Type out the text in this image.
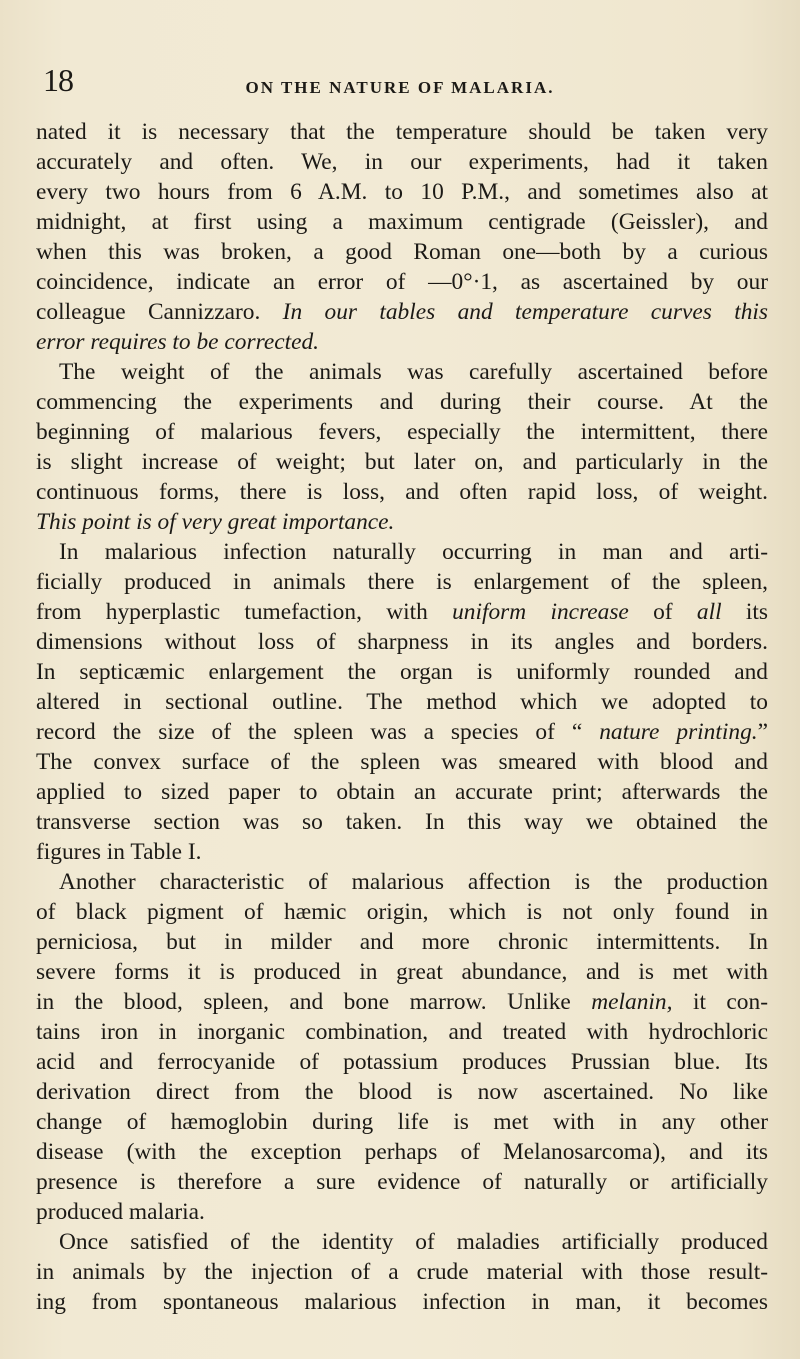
18	ON THE NATURE OF MALARIA.
nated it is necessary that the temperature should be taken very
accurately and often. We, in our experiments, had it taken
every two hours from 6 A.M. to 10 P.M., and sometimes also at
midnight, at first using a maximum centigrade (Geissler), and
when this was broken, a good Roman one—both by a curious
coincidence, indicate an error of —0°·1, as ascertained by our
colleague Cannizzaro. In our tables and temperature curves this
error requires to be corrected.
The weight of the animals was carefully ascertained before
commencing the experiments and during their course. At the
beginning of malarious fevers, especially the intermittent, there
is slight increase of weight; but later on, and particularly in the
continuous forms, there is loss, and often rapid loss, of weight.
This point is of very great importance.
In malarious infection naturally occurring in man and arti-
ficially produced in animals there is enlargement of the spleen,
from hyperplastic tumefaction, with uniform increase of all its
dimensions without loss of sharpness in its angles and borders.
In septicæmic enlargement the organ is uniformly rounded and
altered in sectional outline. The method which we adopted to
record the size of the spleen was a species of “ nature printing.”
The convex surface of the spleen was smeared with blood and
applied to sized paper to obtain an accurate print; afterwards the
transverse section was so taken. In this way we obtained the
figures in Table I.
Another characteristic of malarious affection is the production
of black pigment of hæmic origin, which is not only found in
perniciosa, but in milder and more chronic intermittents. In
severe forms it is produced in great abundance, and is met with
in the blood, spleen, and bone marrow. Unlike melanin, it con-
tains iron in inorganic combination, and treated with hydrochloric
acid and ferrocyanide of potassium produces Prussian blue. Its
derivation direct from the blood is now ascertained. No like
change of hæmoglobin during life is met with in any other
disease (with the exception perhaps of Melanosarcoma), and its
presence is therefore a sure evidence of naturally or artificially
produced malaria.
Once satisfied of the identity of maladies artificially produced
in animals by the injection of a crude material with those result-
ing from spontaneous malarious infection in man, it becomes
